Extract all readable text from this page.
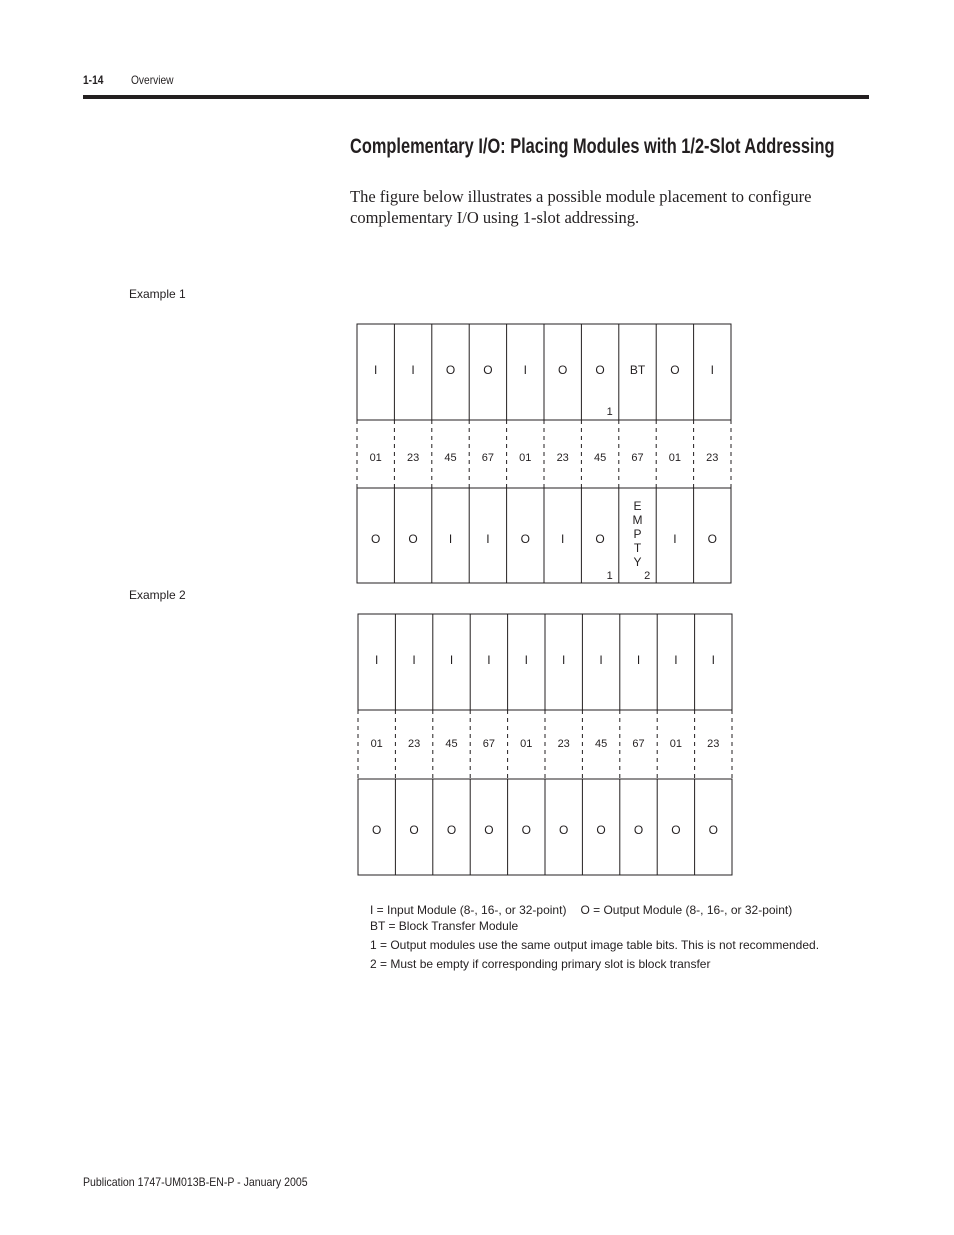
1-14 Overview
Complementary I/O: Placing Modules with 1/2-Slot Addressing
The figure below illustrates a possible module placement to configure complementary I/O using 1-slot addressing.
Example 1
Example 2
I
01
O
I
23
O
O
45
I
O
67
I
I
01
O
O
23
I
O
1
45
O
1
BT
67
E
M
P
T
Y
2
O
01
I
I
23
O
I
01
O
I
23
O
I
45
O
I
67
O
I
01
O
I
23
O
I
45
O
I
67
O
I
01
O
I
23
O
I = Input Module (8-, 16-, or 32-point) O = Output Module (8-, 16-, or 32-point)
BT = Block Transfer Module
1 = Output modules use the same output image table bits. This is not recommended.
2 = Must be empty if corresponding primary slot is block transfer
Publication 1747-UM013B-EN-P - January 2005
